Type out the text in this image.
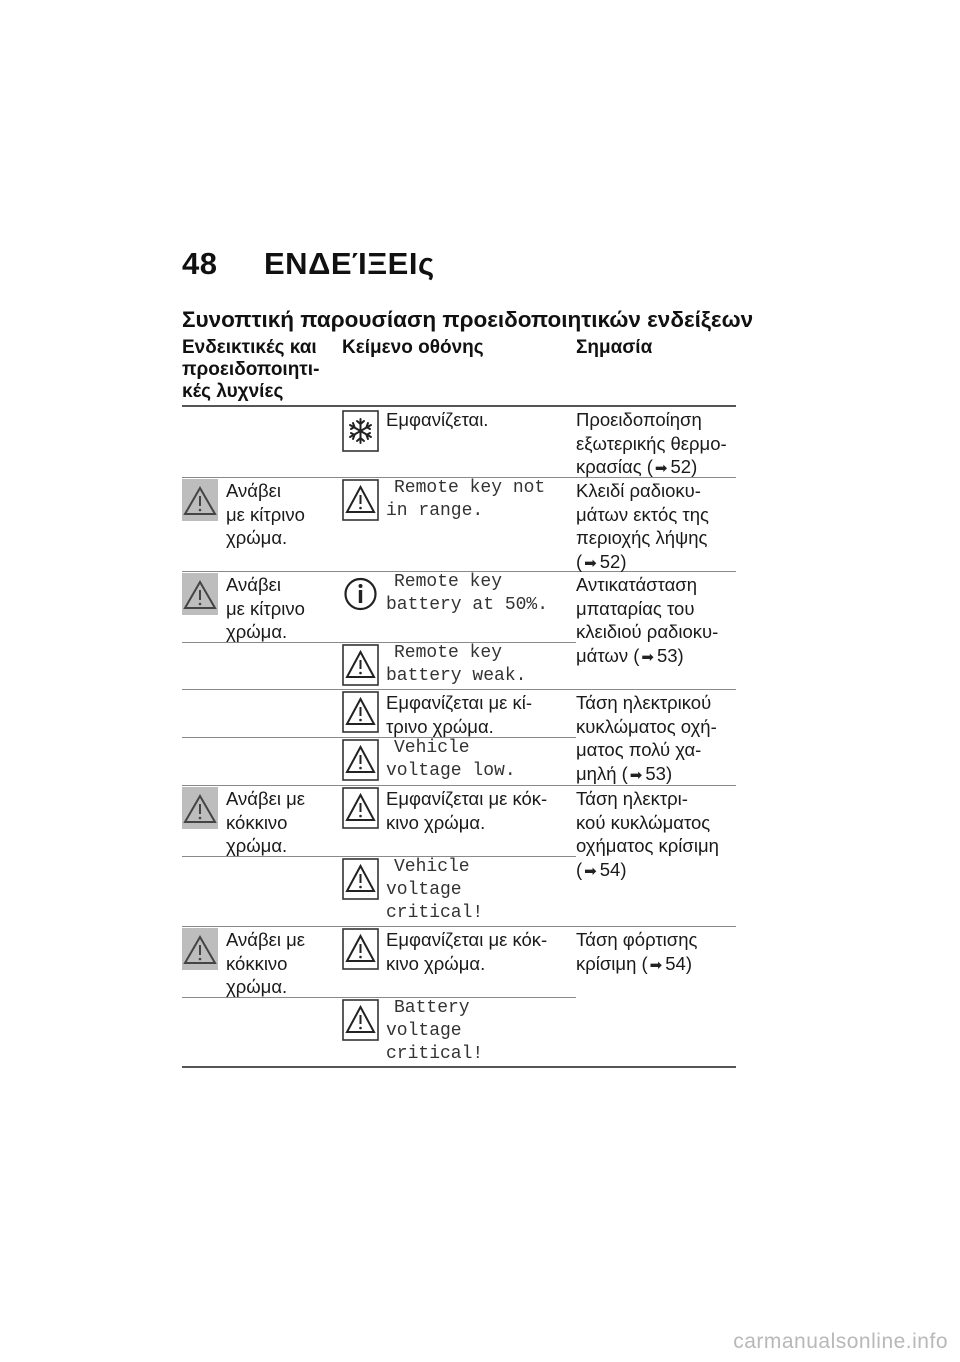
48 ΕΝΔΕΊΞΕΙς
Συνοπτική παρουσίαση προειδοποιητικών ενδείξεων
Ενδεικτικές και
προειδοποιητι-
κές λυχνίες
Κείμενο οθόνης	Σημασία
Εμφανίζεται.	Προειδοποίηση
εξωτερικής θερμο-
κρασίας ( ➡ 52)
Ανάβει
με κίτρινο
χρώμα.
Remote key not
in range.
Κλειδί ραδιοκυ-
μάτων εκτός της
περιοχής λήψης
( ➡ 52)
Ανάβει
με κίτρινο
χρώμα.
Remote key
battery at 50%.
Αντικατάσταση
μπαταρίας του
κλειδιού ραδιοκυ-
μάτων ( ➡ 53)
Remote key
battery weak.
Εμφανίζεται με κί-
τρινο χρώμα.
Τάση ηλεκτρικού
κυκλώματος οχή-
ματος πολύ χα-
μηλή ( ➡ 53)
Vehicle
voltage low.
Ανάβει με
κόκκινο
χρώμα.
Εμφανίζεται με κόκ-
κινο χρώμα.
Τάση ηλεκτρι-
κού κυκλώματος
οχήματος κρίσιμη
( ➡ 54)
Vehicle
voltage
critical!
Ανάβει με
κόκκινο
χρώμα.
Εμφανίζεται με κόκ-
κινο χρώμα.
Τάση φόρτισης
κρίσιμη ( ➡ 54)
Battery
voltage
critical!
carmanualsonline.info
